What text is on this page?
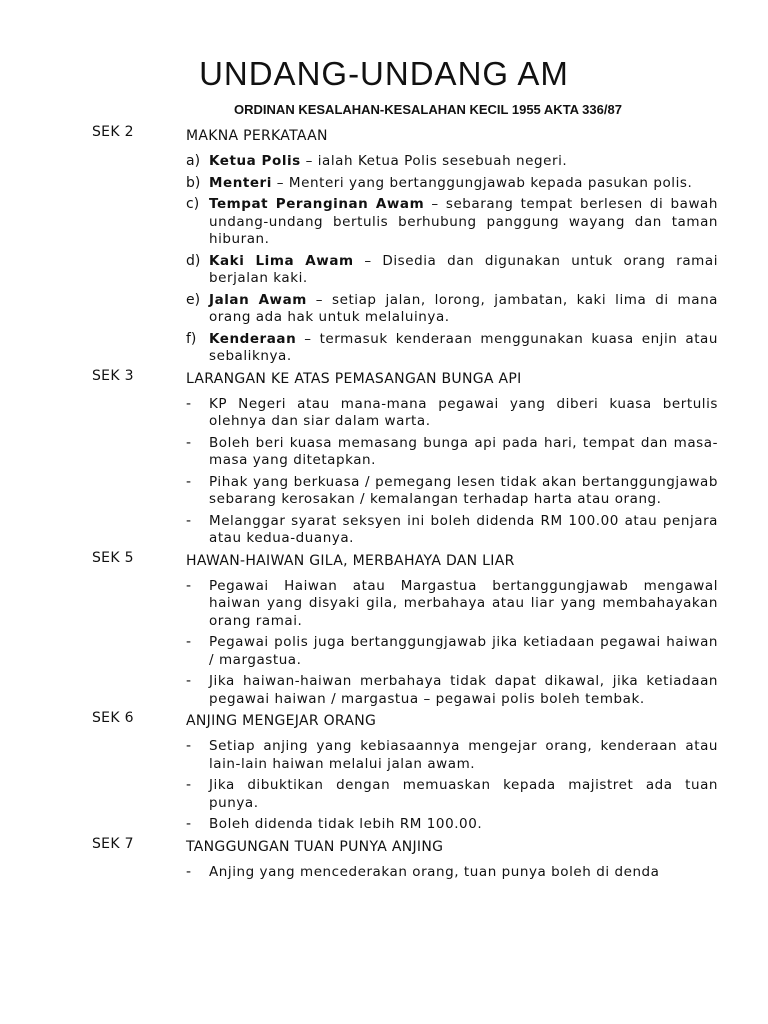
UNDANG-UNDANG AM
ORDINAN KESALAHAN-KESALAHAN KECIL 1955 AKTA 336/87
SEK 2	MAKNA PERKATAAN
a) Ketua Polis – ialah Ketua Polis sesebuah negeri.
b) Menteri – Menteri yang bertanggungjawab kepada pasukan polis.
c) Tempat Peranginan Awam – sebarang tempat berlesen di bawah undang-undang bertulis berhubung panggung wayang dan taman hiburan.
d) Kaki Lima Awam – Disedia dan digunakan untuk orang ramai berjalan kaki.
e) Jalan Awam – setiap jalan, lorong, jambatan, kaki lima di mana orang ada hak untuk melaluinya.
f) Kenderaan – termasuk kenderaan menggunakan kuasa enjin atau sebaliknya.
SEK 3	LARANGAN KE ATAS PEMASANGAN BUNGA API
- KP Negeri atau mana-mana pegawai yang diberi kuasa bertulis olehnya dan siar dalam warta.
- Boleh beri kuasa memasang bunga api pada hari, tempat dan masa-masa yang ditetapkan.
- Pihak yang berkuasa / pemegang lesen tidak akan bertanggungjawab sebarang kerosakan / kemalangan terhadap harta atau orang.
- Melanggar syarat seksyen ini boleh didenda RM 100.00 atau penjara atau kedua-duanya.
SEK 5	HAWAN-HAIWAN GILA, MERBAHAYA DAN LIAR
- Pegawai Haiwan atau Margastua bertanggungjawab mengawal haiwan yang disyaki gila, merbahaya atau liar yang membahayakan orang ramai.
- Pegawai polis juga bertanggungjawab jika ketiadaan pegawai haiwan / margastua.
- Jika haiwan-haiwan merbahaya tidak dapat dikawal, jika ketiadaan pegawai haiwan / margastua – pegawai polis boleh tembak.
SEK 6	ANJING MENGEJAR ORANG
- Setiap anjing yang kebiasaannya mengejar orang, kenderaan atau lain-lain haiwan melalui jalan awam.
- Jika dibuktikan dengan memuaskan kepada majistret ada tuan punya.
- Boleh didenda tidak lebih RM 100.00.
SEK 7	TANGGUNGAN TUAN PUNYA ANJING
- Anjing yang mencederakan orang, tuan punya boleh di denda
